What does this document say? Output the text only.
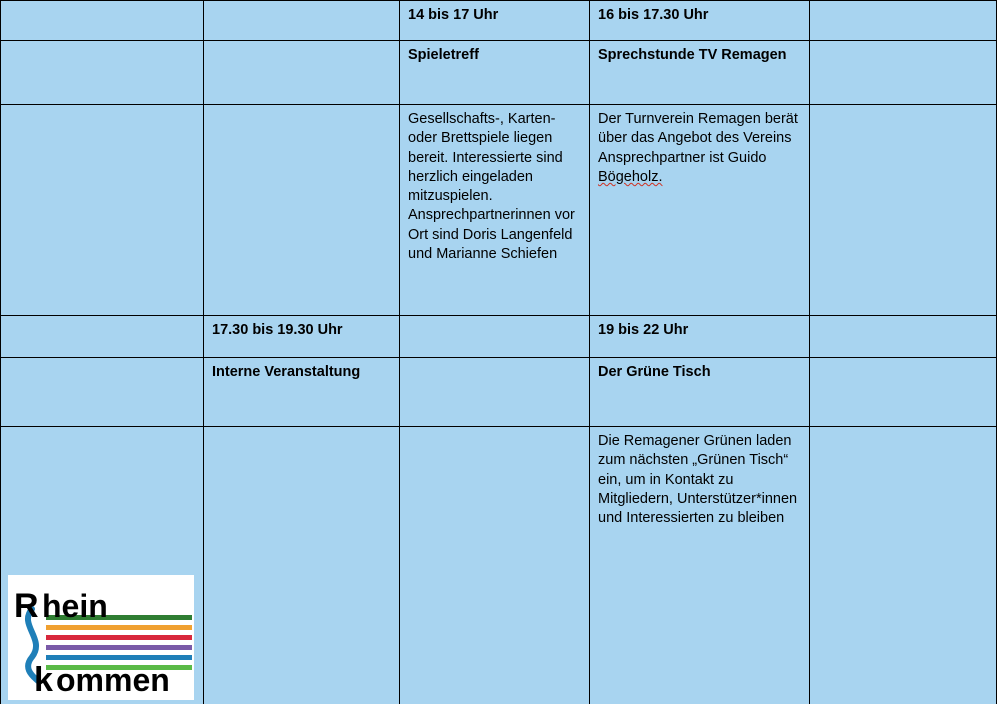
		14 bis 17 Uhr	16 bis 17.30 Uhr	
		Spieletreff	Sprechstunde TV Remagen	
		Gesellschafts-, Karten- oder Brettspiele liegen bereit. Interessierte sind herzlich eingeladen mitzuspielen. Ansprechpartnerinnen vor Ort sind Doris Langenfeld und Marianne Schiefen	Der Turnverein Remagen berät über das Angebot des Vereins Ansprechpartner ist Guido Bögeholz.	
	17.30 bis 19.30 Uhr		19 bis 22 Uhr	
	Interne Veranstaltung		Der Grüne Tisch	
			Die Remagener Grünen laden zum nächsten „Grünen Tisch“ ein, um in Kontakt zu Mitgliedern, Unterstützer*innen und Interessierten zu bleiben	
R hein
k ommen
